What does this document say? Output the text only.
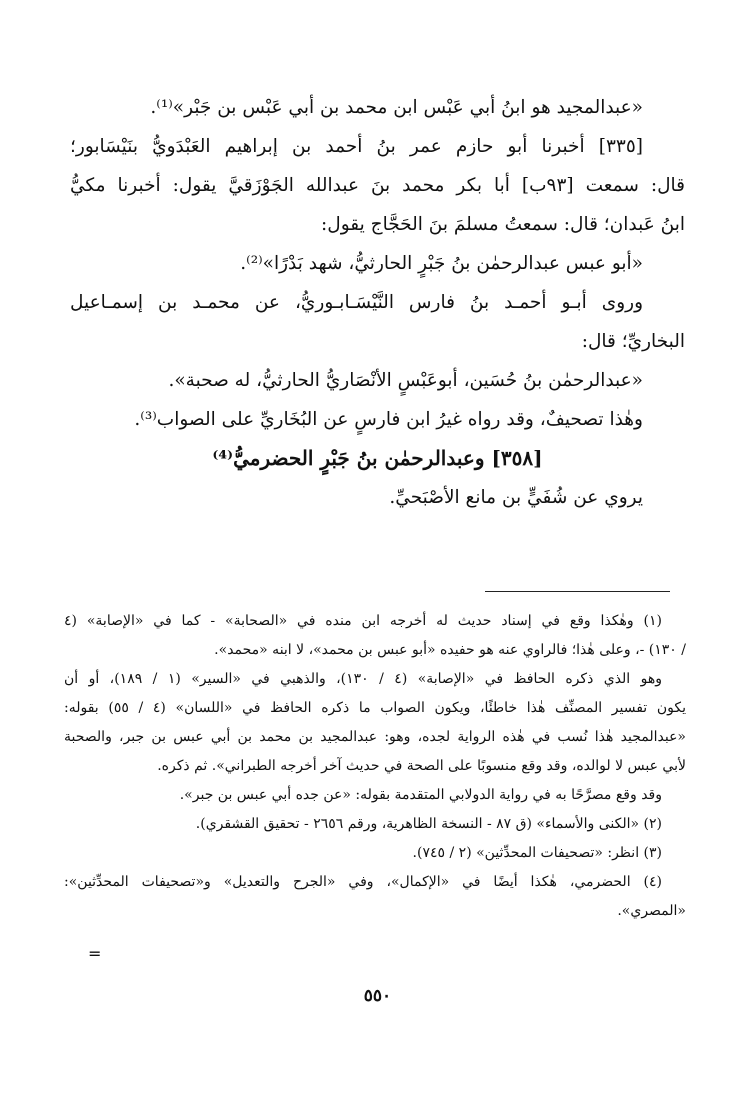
«عبدالمجيد هو ابنُ أبي عَبْس ابن محمد بن أبي عَبْس بن جَبْر»⁽¹⁾.

[٣٣٥] أخبرنا أبو حازم عمر بنُ أحمد بن إبراهيم العَبْدَويُّ بنَيْسَابور؛

قال: سمعت [٩٣ب] أبا بكر محمد بنَ عبدالله الجَوْزَقيَّ يقول: أخبرنا مكيُّ

ابنُ عَبدان؛ قال: سمعتُ مسلمَ بنَ الحَجَّاج يقول:

«أبو عبس عبدالرحمٰن بنُ جَبْرٍ الحارثيُّ، شهد بَدْرًا»⁽²⁾.

وروى أبـو أحمـد بنُ فارس النَّيْسَـابـوريُّ، عن محمـد بن إسمـاعيل

البخاريِّ؛ قال:

«عبدالرحمٰن بنُ حُسَين، أبوعَبْسٍ الأنْصَاريُّ الحارثيُّ، له صحبة».

وهٰذا تصحيفٌ، وقد رواه غيرُ ابن فارسٍ عن البُخَاريِّ على الصواب⁽³⁾.

[٣٥٨] وعبدالرحمٰن بنُ جَبْرٍ الحضرميُّ⁽⁴⁾

يروي عن شُفَيٍّ بن مانع الأصْبَحيِّ.

(١) وهٰكذا وقع في إسناد حديث له أخرجه ابن منده في «الصحابة» - كما في «الإصابة» (٤

/ ١٣٠) -، وعلى هٰذا؛ فالراوي عنه هو حفيده «أبو عبس بن محمد»، لا ابنه «محمد».

وهو الذي ذكره الحافظ في «الإصابة» (٤ / ١٣٠)، والذهبي في «السير» (١ / ١٨٩)، أو أن

يكون تفسير المصنِّف هٰذا خاطئًا، ويكون الصواب ما ذكره الحافظ في «اللسان» (٤ / ٥٥) بقوله:

«عبدالمجيد هٰذا نُسب في هٰذه الرواية لجده، وهو: عبدالمجيد بن محمد بن أبي عبس بن جبر، والصحبة

لأبي عبس لا لوالده، وقد وقع منسوبًا على الصحة في حديث آخر أخرجه الطبراني». ثم ذكره.

وقد وقع مصرَّحًا به في رواية الدولابي المتقدمة بقوله: «عن جده أبي عبس بن جبر».

(٢) «الكنى والأسماء» (ق ٨٧ - النسخة الظاهرية، ورقم ٢٦٥٦ - تحقيق القشقري).

(٣) انظر: «تصحيفات المحدِّثين» (٢ / ٧٤٥).

(٤) الحضرمي، هٰكذا أيضًا في «الإكمال»، وفي «الجرح والتعديل» و«تصحيفات المحدِّثين»:

«المصري».

=
٥٥٠
